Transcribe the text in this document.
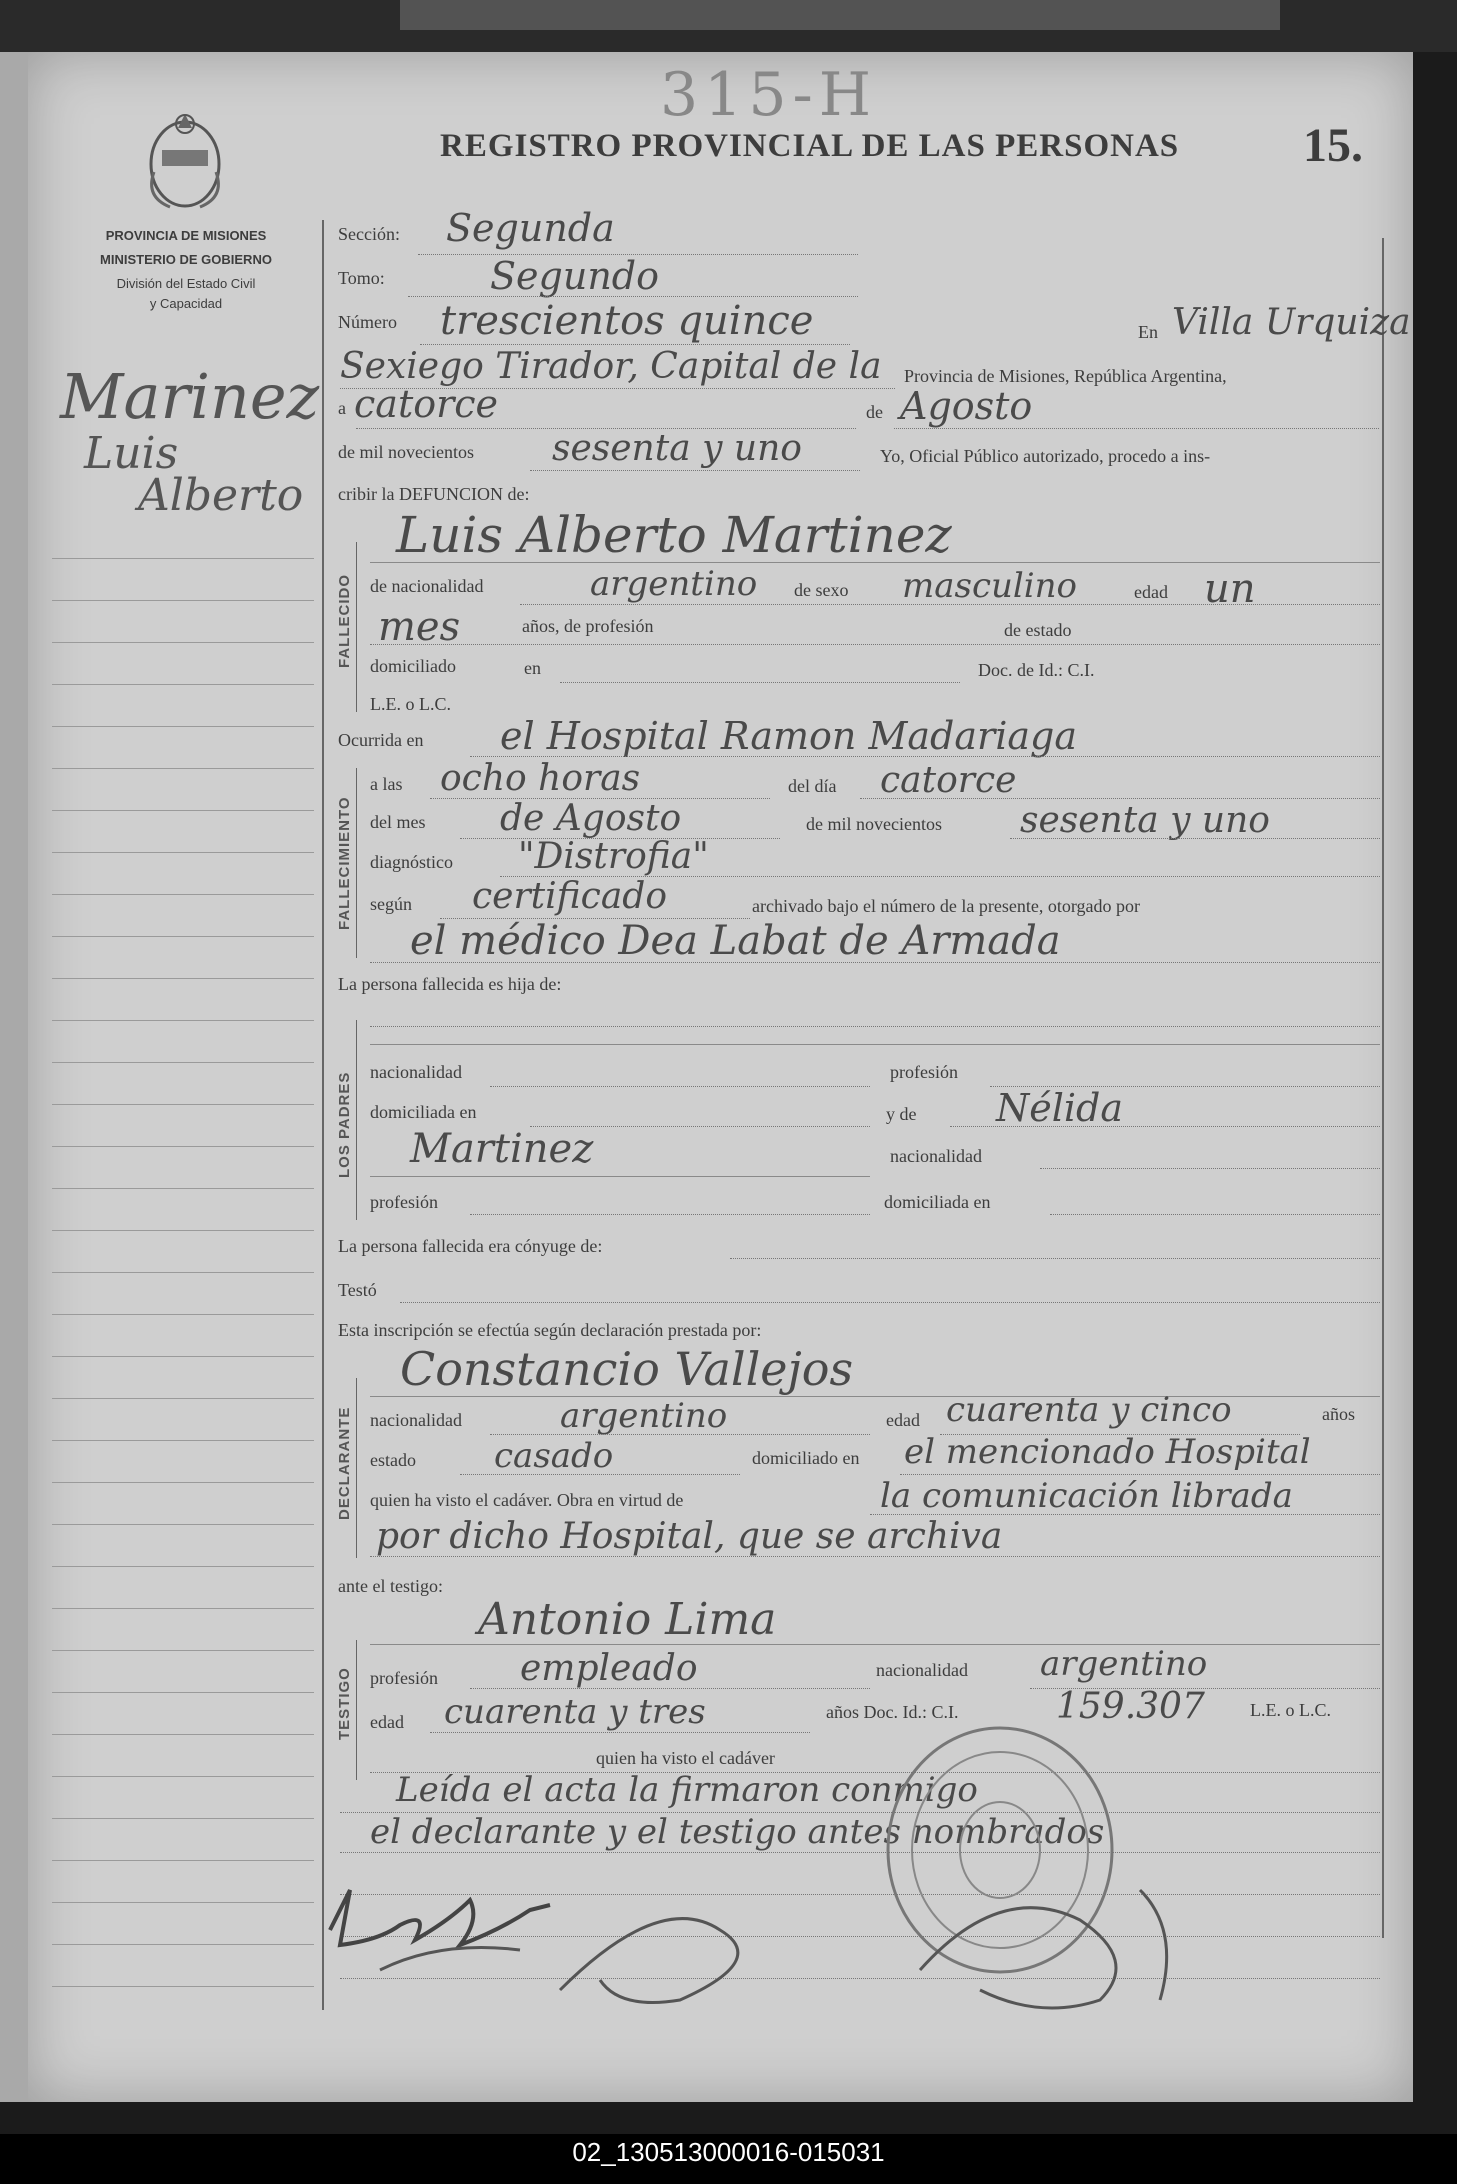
PROVINCIA DE MISIONES
MINISTERIO DE GOBIERNO
División del Estado Civil
y Capacidad
REGISTRO PROVINCIAL DE LAS PERSONAS	15.
315-H
Marinez
Luis
Alberto
FALLECIDO
FALLECIMIENTO
LOS PADRES
DECLARANTE
TESTIGO
Sección: Segunda
Tomo:	Segundo
Número trescientos quince	En Villa Urquiza
Sexiego Tirador, Capital de la Provincia de Misiones, República Argentina,
a catorce	de Agosto
de mil novecientos sesenta y uno	Yo, Oficial Público autorizado, procedo a ins-
cribir la DEFUNCION de:
Luis Alberto Martinez
de nacionalidad	argentino de sexo masculino	edad un
mes	años, de profesión	de estado
domiciliado	en	Doc. de Id.: C.I.
L.E. o L.C.
Ocurrida en el Hospital Ramon Madariaga
a las ocho horas	del día catorce
del mes de Agosto	de mil novecientos sesenta y uno
diagnóstico "Distrofia"
según certificado	archivado bajo el número de la presente, otorgado por
el médico Dea Labat de Armada
La persona fallecida es hija de:
nacionalidad	profesión
domiciliada en	y de Nélida
Martinez	nacionalidad
profesión	domiciliada en
La persona fallecida era cónyuge de:
Testó
Esta inscripción se efectúa según declaración prestada por:
Constancio Vallejos
nacionalidad	argentino	edad cuarenta y cinco	años
estado casado	domiciliado en el mencionado Hospital
quien ha visto el cadáver. Obra en virtud de	la comunicación librada
por dicho Hospital, que se archiva
ante el testigo:
Antonio Lima
profesión empleado	nacionalidad argentino
edad cuarenta y tres	años Doc. Id.: C.I.	159.307	L.E. o L.C.
quien ha visto el cadáver
Leída el acta la firmaron conmigo
el declarante y el testigo antes nombrados
02_130513000016-015031
